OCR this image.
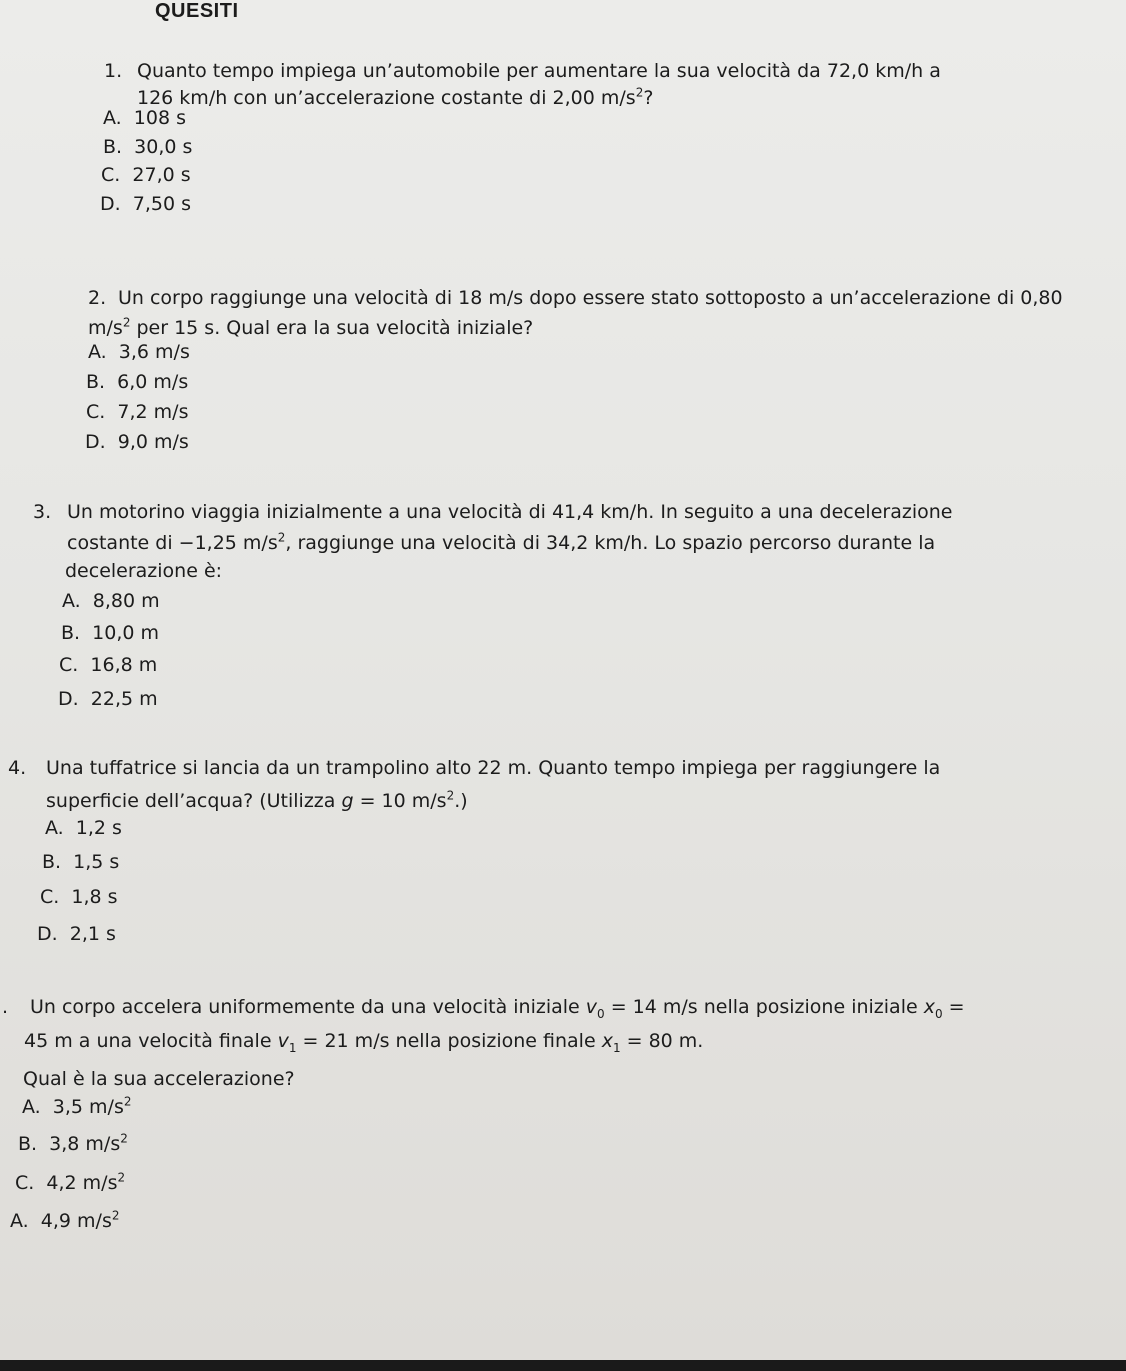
QUESITI
1. Quanto tempo impiega un’automobile per aumentare la sua velocità da 72,0 km/h a
126 km/h con un’accelerazione costante di 2,00 $m/s^2$?
A. 108 s
B. 30,0 s
C. 27,0 s
D. 7,50 s
2. Un corpo raggiunge una velocità di 18 m/s dopo essere stato sottoposto a un’accelerazione di 0,80
$m/s^2$ per 15 s. Qual era la sua velocità iniziale?
A. 3,6 m/s
B. 6,0 m/s
C. 7,2 m/s
D. 9,0 m/s
3. Un motorino viaggia inizialmente a una velocità di 41,4 km/h. In seguito a una decelerazione
costante di −1,25 $m/s^2$, raggiunge una velocità di 34,2 km/h. Lo spazio percorso durante la
decelerazione è:
A. 8,80 m
B. 10,0 m
C. 16,8 m
D. 22,5 m
4. Una tuffatrice si lancia da un trampolino alto 22 m. Quanto tempo impiega per raggiungere la
superficie dell’acqua? (Utilizza g = 10 $m/s^2$.)
A. 1,2 s
B. 1,5 s
C. 1,8 s
D. 2,1 s
. Un corpo accelera uniformemente da una velocità iniziale $v_0 = 14$ m/s nella posizione iniziale $x_0$ =
45 m a una velocità finale $v_1 = 21$ m/s nella posizione finale $x_1 = 80$ m.
Qual è la sua accelerazione?
A. 3,5 $m/s^2$
B. 3,8 $m/s^2$
C. 4,2 $m/s^2$
A. 4,9 $m/s^2$
